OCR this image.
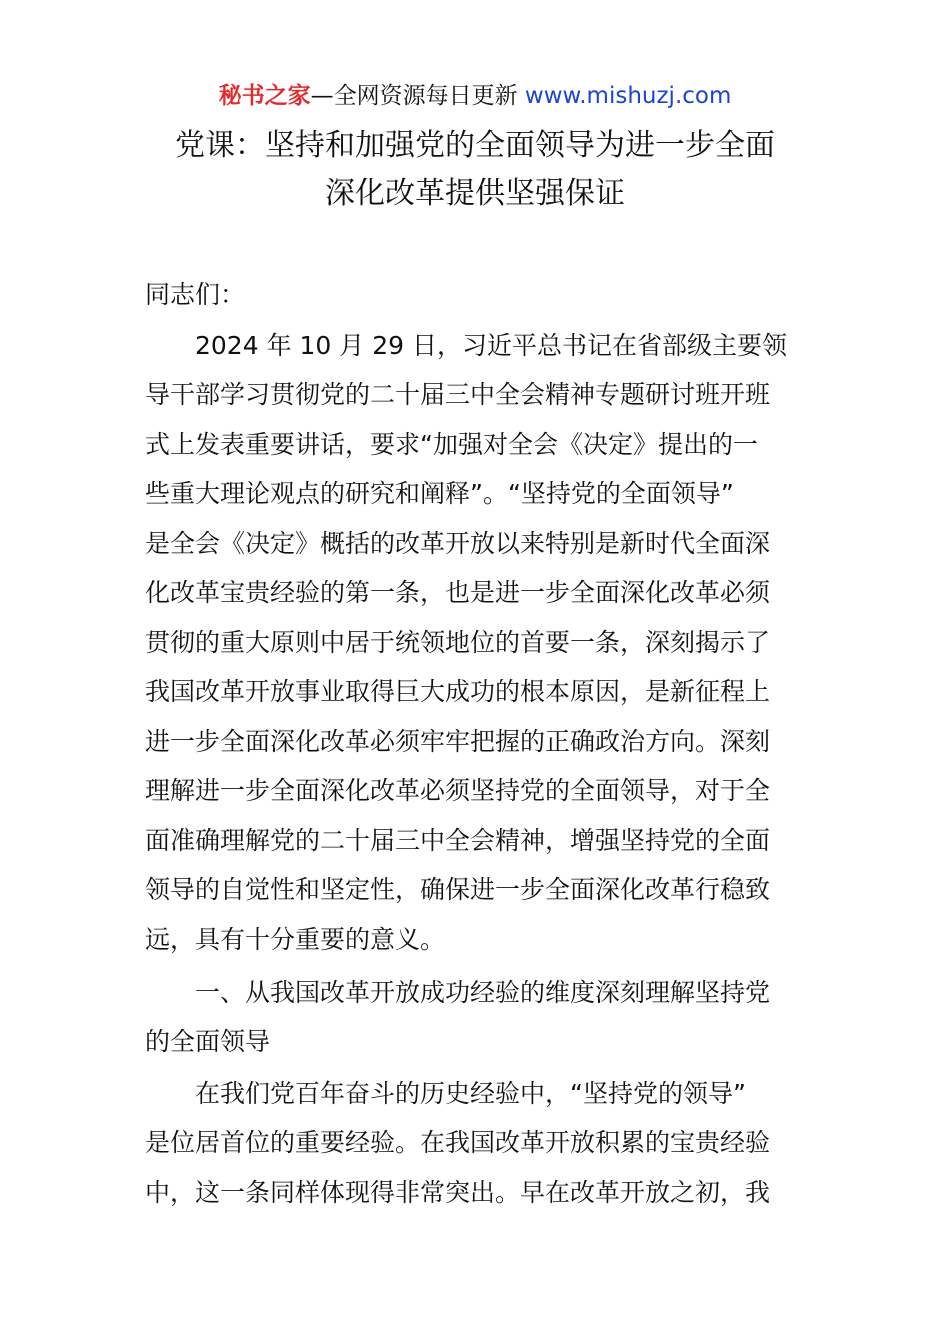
秘书之家—全网资源每日更新 www.mishuzj.com
党课：坚持和加强党的全面领导为进一步全面
深化改革提供坚强保证
同志们：
　　2024 年 10 月 29 日，习近平总书记在省部级主要领
导干部学习贯彻党的二十届三中全会精神专题研讨班开班
式上发表重要讲话，要求“加强对全会《决定》提出的一
些重大理论观点的研究和阐释”。“坚持党的全面领导”
是全会《决定》概括的改革开放以来特别是新时代全面深
化改革宝贵经验的第一条，也是进一步全面深化改革必须
贯彻的重大原则中居于统领地位的首要一条，深刻揭示了
我国改革开放事业取得巨大成功的根本原因，是新征程上
进一步全面深化改革必须牢牢把握的正确政治方向。深刻
理解进一步全面深化改革必须坚持党的全面领导，对于全
面准确理解党的二十届三中全会精神，增强坚持党的全面
领导的自觉性和坚定性，确保进一步全面深化改革行稳致
远，具有十分重要的意义。
　　一、从我国改革开放成功经验的维度深刻理解坚持党
的全面领导
　　在我们党百年奋斗的历史经验中，“坚持党的领导”
是位居首位的重要经验。在我国改革开放积累的宝贵经验
中，这一条同样体现得非常突出。早在改革开放之初，我
